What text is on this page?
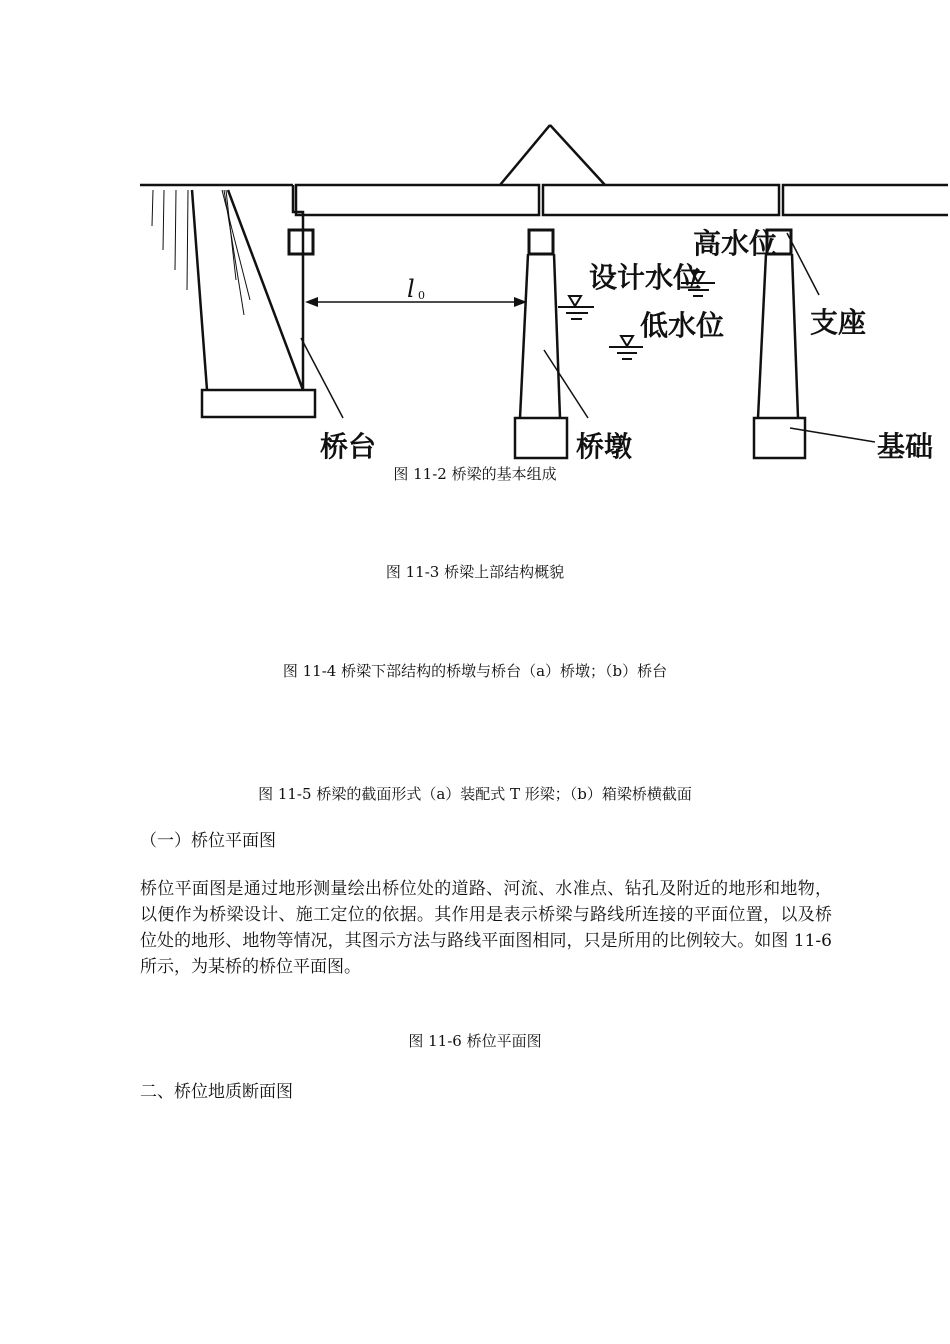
l 0
设计水位
高水位
低水位	支座
桥台	桥墩	基础
图 11-2 桥梁的基本组成
图 11-3 桥梁上部结构概貌
图 11-4 桥梁下部结构的桥墩与桥台（a）桥墩；（b）桥台
图 11-5 桥梁的截面形式（a）装配式 T 形梁；（b）箱梁桥横截面
（一）桥位平面图

桥位平面图是通过地形测量绘出桥位处的道路、河流、水准点、钻孔及附近的地形和地物，以便作为桥梁设计、施工定位的依据。其作用是表示桥梁与路线所连接的平面位置，以及桥位处的地形、地物等情况，其图示方法与路线平面图相同，只是所用的比例较大。如图 11-6 所示，为某桥的桥位平面图。

图 11-6 桥位平面图
二、桥位地质断面图
